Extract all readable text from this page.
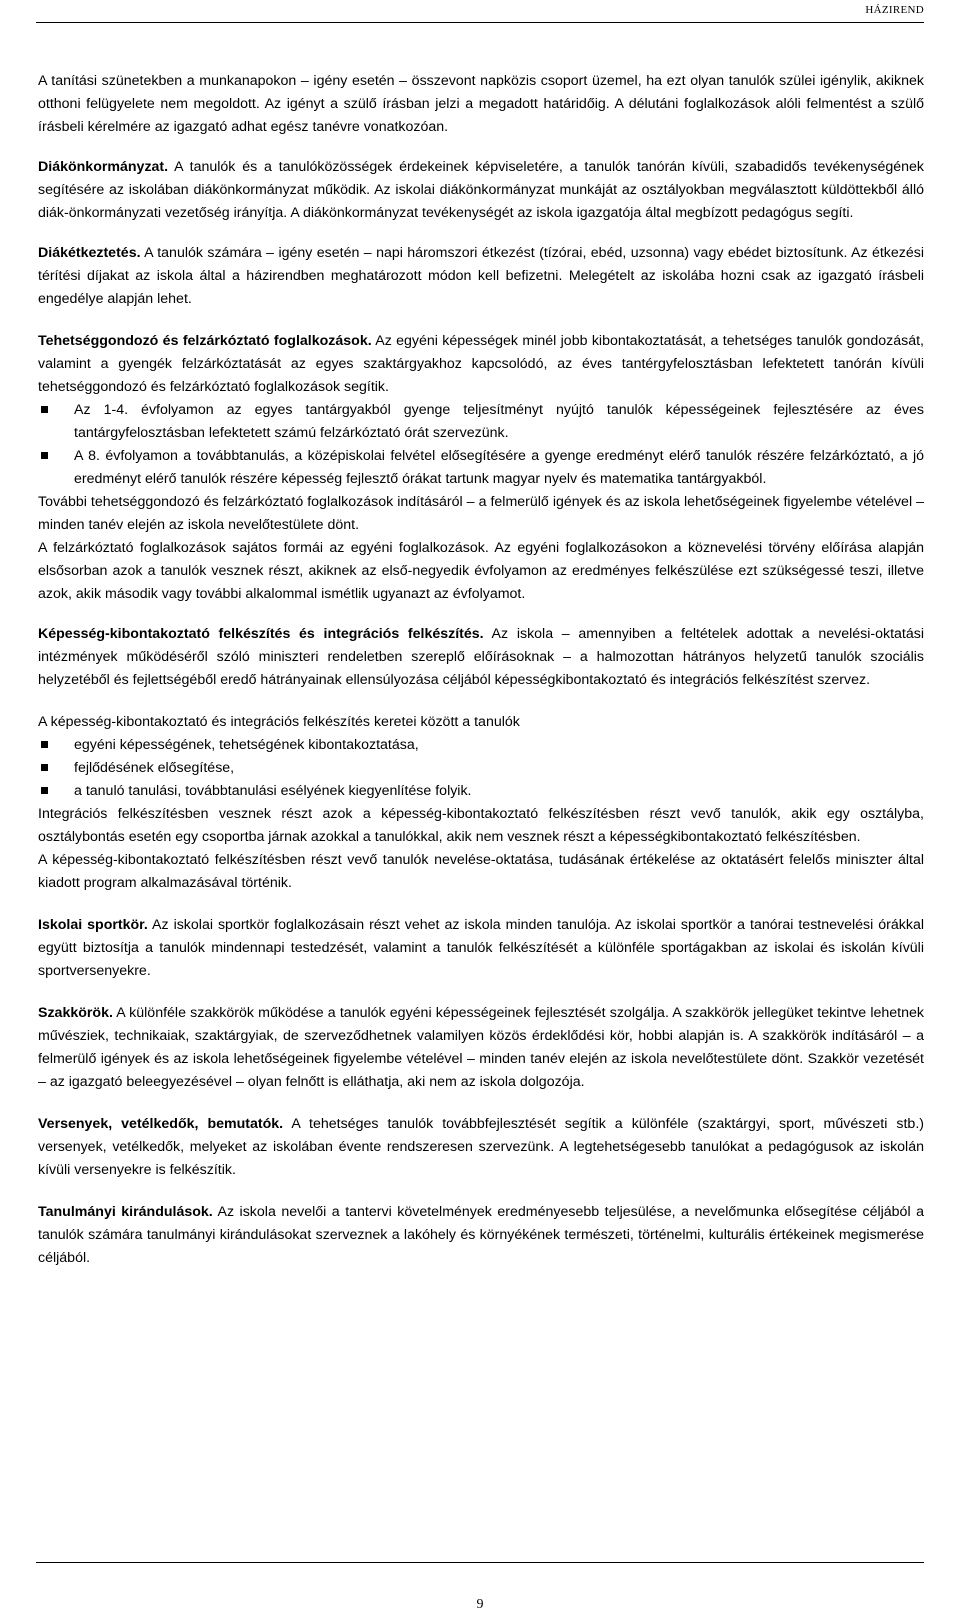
HÁZIREND

A tanítási szünetekben a munkanapokon – igény esetén – összevont napközis csoport üzemel, ha ezt olyan tanulók szülei igénylik, akiknek otthoni felügyelete nem megoldott. Az igényt a szülő írásban jelzi a megadott határidőig. A délutáni foglalkozások alóli felmentést a szülő írásbeli kérelmére az igazgató adhat egész tanévre vonatkozóan.

Diákönkormányzat. A tanulók és a tanulóközösségek érdekeinek képviseletére, a tanulók tanórán kívüli, szabadidős tevékenységének segítésére az iskolában diákönkormányzat működik. Az iskolai diákönkormányzat munkáját az osztályokban megválasztott küldöttekből álló diák-önkormányzati vezetőség irányítja. A diákönkormányzat tevékenységét az iskola igazgatója által megbízott pedagógus segíti.

Diákétkeztetés. A tanulók számára – igény esetén – napi háromszori étkezést (tízórai, ebéd, uzsonna) vagy ebédet biztosítunk. Az étkezési térítési díjakat az iskola által a házirendben meghatározott módon kell befizetni. Melegételt az iskolába hozni csak az igazgató írásbeli engedélye alapján lehet.

Tehetséggondozó és felzárkóztató foglalkozások. Az egyéni képességek minél jobb kibontakoztatását, a tehetséges tanulók gondozását, valamint a gyengék felzárkóztatását az egyes szaktárgyakhoz kapcsolódó, az éves tantérgyfelosztásban lefektetett tanórán kívüli tehetséggondozó és felzárkóztató foglalkozások segítik.

Az 1-4. évfolyamon az egyes tantárgyakból gyenge teljesítményt nyújtó tanulók képességeinek fejlesztésére az éves tantárgyfelosztásban lefektetett számú felzárkóztató órát szervezünk.
A 8. évfolyamon a továbbtanulás, a középiskolai felvétel elősegítésére a gyenge eredményt elérő tanulók részére felzárkóztató, a jó eredményt elérő tanulók részére képesség fejlesztő órákat tartunk magyar nyelv és matematika tantárgyakból.

További tehetséggondozó és felzárkóztató foglalkozások indításáról – a felmerülő igények és az iskola lehetőségeinek figyelembe vételével – minden tanév elején az iskola nevelőtestülete dönt.

A felzárkóztató foglalkozások sajátos formái az egyéni foglalkozások. Az egyéni foglalkozásokon a köznevelési törvény előírása alapján elsősorban azok a tanulók vesznek részt, akiknek az első-negyedik évfolyamon az eredményes felkészülése ezt szükségessé teszi, illetve azok, akik második vagy további alkalommal ismétlik ugyanazt az évfolyamot.

Képesség-kibontakoztató felkészítés és integrációs felkészítés. Az iskola – amennyiben a feltételek adottak a nevelési-oktatási intézmények működéséről szóló miniszteri rendeletben szereplő előírásoknak – a halmozottan hátrányos helyzetű tanulók szociális helyzetéből és fejlettségéből eredő hátrányainak ellensúlyozása céljából képességkibontakoztató és integrációs felkészítést szervez.

A képesség-kibontakoztató és integrációs felkészítés keretei között a tanulók

egyéni képességének, tehetségének kibontakoztatása,
fejlődésének elősegítése,
a tanuló tanulási, továbbtanulási esélyének kiegyenlítése folyik.

Integrációs felkészítésben vesznek részt azok a képesség-kibontakoztató felkészítésben részt vevő tanulók, akik egy osztályba, osztálybontás esetén egy csoportba járnak azokkal a tanulókkal, akik nem vesznek részt a képességkibontakoztató felkészítésben.

A képesség-kibontakoztató felkészítésben részt vevő tanulók nevelése-oktatása, tudásának értékelése az oktatásért felelős miniszter által kiadott program alkalmazásával történik.

Iskolai sportkör. Az iskolai sportkör foglalkozásain részt vehet az iskola minden tanulója. Az iskolai sportkör a tanórai testnevelési órákkal együtt biztosítja a tanulók mindennapi testedzését, valamint a tanulók felkészítését a különféle sportágakban az iskolai és iskolán kívüli sportversenyekre.

Szakkörök. A különféle szakkörök működése a tanulók egyéni képességeinek fejlesztését szolgálja. A szakkörök jellegüket tekintve lehetnek művésziek, technikaiak, szaktárgyiak, de szerveződhetnek valamilyen közös érdeklődési kör, hobbi alapján is. A szakkörök indításáról – a felmerülő igények és az iskola lehetőségeinek figyelembe vételével – minden tanév elején az iskola nevelőtestülete dönt. Szakkör vezetését – az igazgató beleegyezésével – olyan felnőtt is elláthatja, aki nem az iskola dolgozója.

Versenyek, vetélkedők, bemutatók. A tehetséges tanulók továbbfejlesztését segítik a különféle (szaktárgyi, sport, művészeti stb.) versenyek, vetélkedők, melyeket az iskolában évente rendszeresen szervezünk. A legtehetségesebb tanulókat a pedagógusok az iskolán kívüli versenyekre is felkészítik.

Tanulmányi kirándulások. Az iskola nevelői a tantervi követelmények eredményesebb teljesülése, a nevelőmunka elősegítése céljából a tanulók számára tanulmányi kirándulásokat szerveznek a lakóhely és környékének természeti, történelmi, kulturális értékeinek megismerése céljából.

9
